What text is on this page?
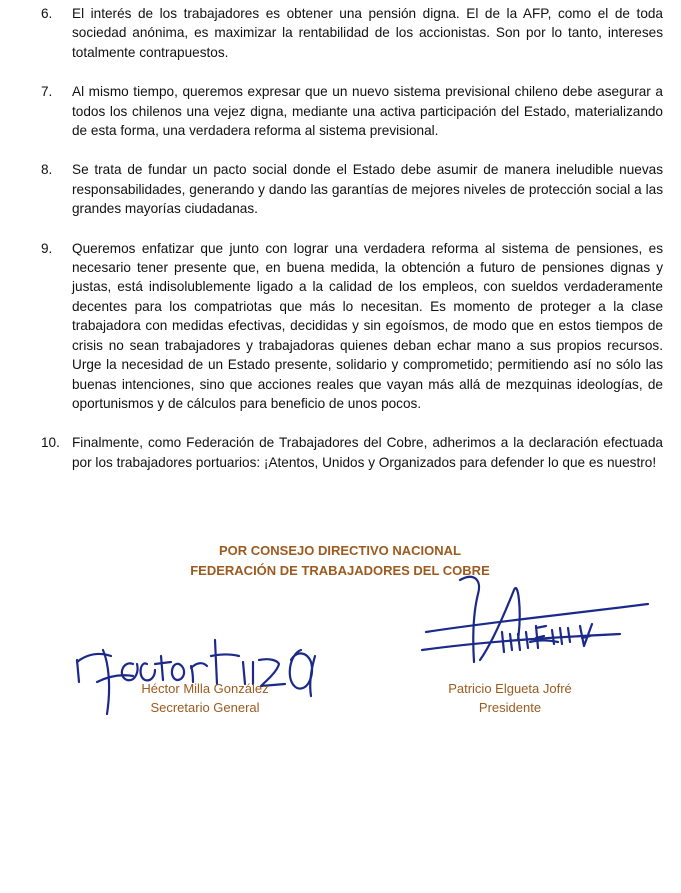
6.	El interés de los trabajadores es obtener una pensión digna. El de la AFP, como el de toda sociedad anónima, es maximizar la rentabilidad de los accionistas. Son por lo tanto, intereses totalmente contrapuestos.
7.	Al mismo tiempo, queremos expresar que un nuevo sistema previsional chileno debe asegurar a todos los chilenos una vejez digna, mediante una activa participación del Estado, materializando de esta forma, una verdadera reforma al sistema previsional.
8.	Se trata de fundar un pacto social donde el Estado debe asumir de manera ineludible nuevas responsabilidades, generando y dando las garantías de mejores niveles de protección social a las grandes mayorías ciudadanas.
9.	Queremos enfatizar que junto con lograr una verdadera reforma al sistema de pensiones, es necesario tener presente que, en buena medida, la obtención a futuro de pensiones dignas y justas, está indisolublemente ligado a la calidad de los empleos, con sueldos verdaderamente decentes para los compatriotas que más lo necesitan. Es momento de proteger a la clase trabajadora con medidas efectivas, decididas y sin egoísmos, de modo que en estos tiempos de crisis no sean trabajadores y trabajadoras quienes deban echar mano a sus propios recursos. Urge la necesidad de un Estado presente, solidario y comprometido; permitiendo así no sólo las buenas intenciones, sino que acciones reales que vayan más allá de mezquinas ideologías, de oportunismos y de cálculos para beneficio de unos pocos.
10. Finalmente, como Federación de Trabajadores del Cobre, adherimos a la declaración efectuada por los trabajadores portuarios: ¡Atentos, Unidos y Organizados para defender lo que es nuestro!
POR CONSEJO DIRECTIVO NACIONAL
FEDERACIÓN DE TRABAJADORES DEL COBRE
Héctor Milla González
Secretario General
Patricio Elgueta Jofré
Presidente
